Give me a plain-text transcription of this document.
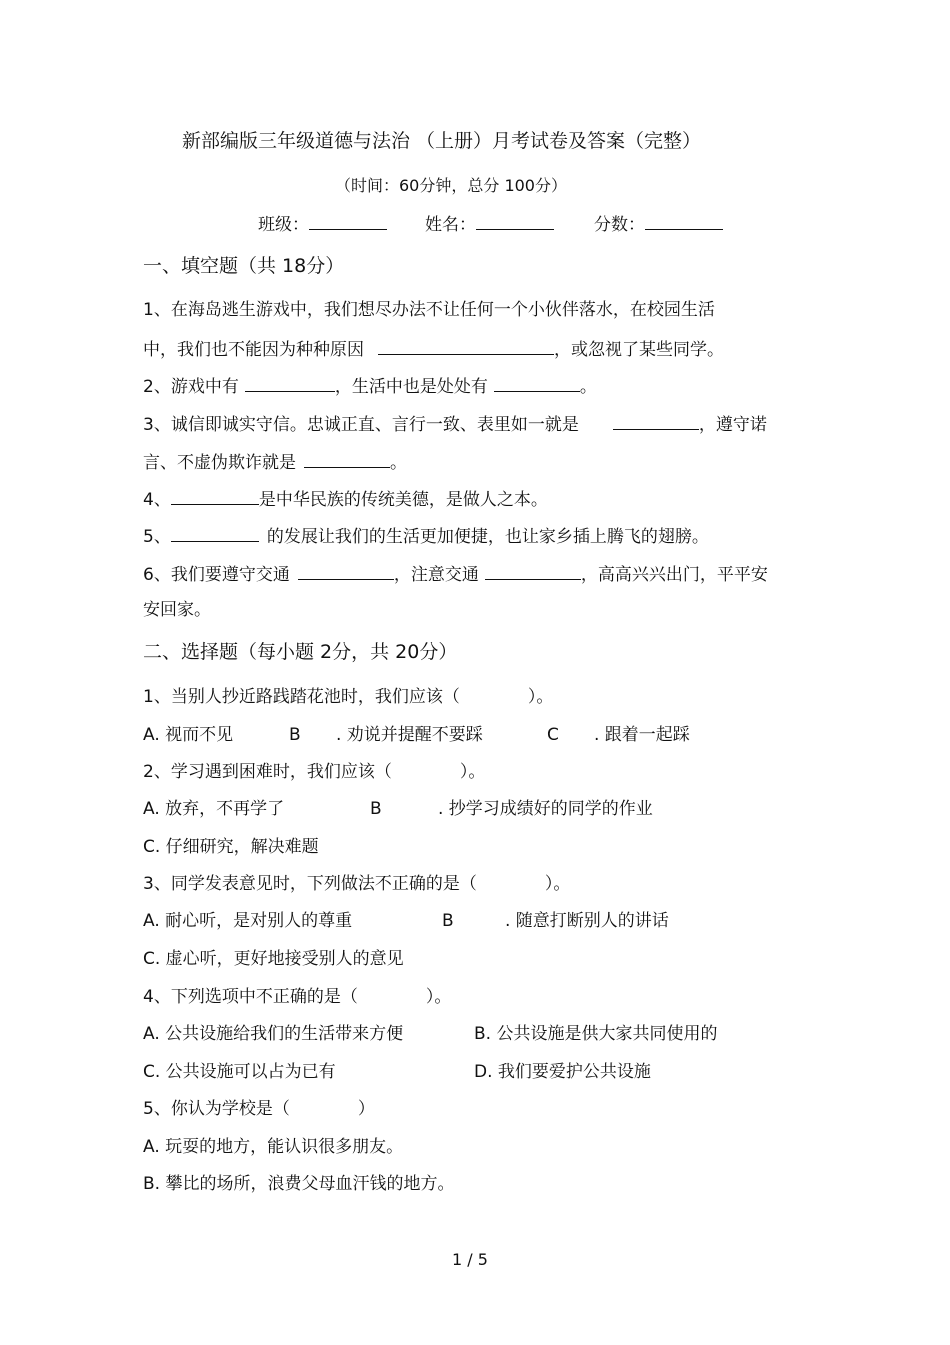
新部编版三年级道德与法治 （上册）月考试卷及答案（完整）
（时间：60分钟，总分 100分）
班级：	姓名：	分数：
一、填空题（共 18分）
1、在海岛逃生游戏中，我们想尽办法不让任何一个小伙伴落水，在校园生活
中，我们也不能因为种种原因	，或忽视了某些同学。
2、游戏中有	，生活中也是处处有	。
3、诚信即诚实守信。忠诚正直、言行一致、表里如一就是	，遵守诺
言、不虚伪欺诈就是	。
4、	是中华民族的传统美德，是做人之本。
5、	的发展让我们的生活更加便捷，也让家乡插上腾飞的翅膀。
6、我们要遵守交通	，注意交通	，高高兴兴出门，平平安
安回家。
二、选择题（每小题 2分，共 20分）
1、当别人抄近路践踏花池时，我们应该（　　　　）。
A. 视而不见	B . 劝说并提醒不要踩	C . 跟着一起踩
2、学习遇到困难时，我们应该（　　　　）。
A. 放弃，不再学了	B	. 抄学习成绩好的同学的作业
C. 仔细研究，解决难题
3、同学发表意见时，下列做法不正确的是（　　　　）。
A. 耐心听，是对别人的尊重	B	. 随意打断别人的讲话
C. 虚心听，更好地接受别人的意见
4、下列选项中不正确的是（　　　　）。
A. 公共设施给我们的生活带来方便	B. 公共设施是供大家共同使用的
C. 公共设施可以占为已有	D. 我们要爱护公共设施
5、你认为学校是（　　　　）
A. 玩耍的地方，能认识很多朋友。
B. 攀比的场所，浪费父母血汗钱的地方。
1 / 5
